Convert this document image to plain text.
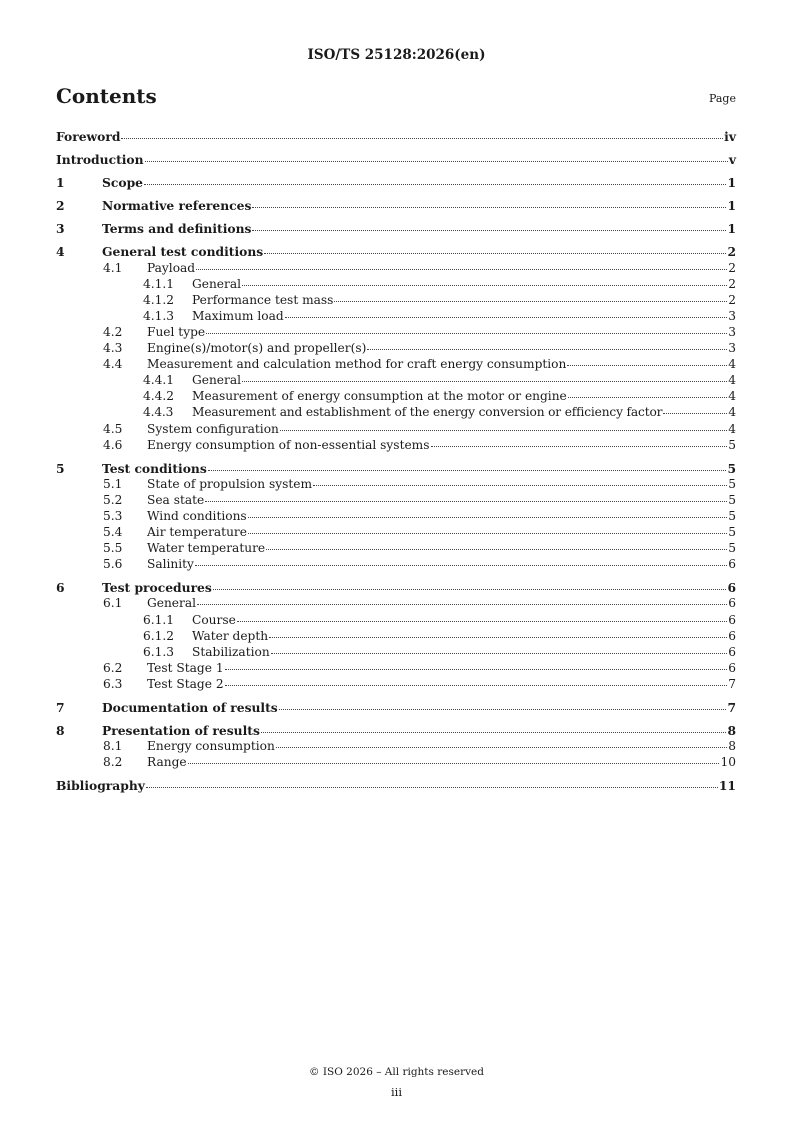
ISO/TS 25128:2026(en)
Contents	Page
Foreword	iv
Introduction	v
1	Scope	1
2	Normative references	1
3	Terms and definitions	1
4	General test conditions	2
4.1	Payload	2
4.1.1	General	2
4.1.2	Performance test mass	2
4.1.3	Maximum load	3
4.2	Fuel type	3
4.3	Engine(s)/motor(s) and propeller(s)	3
4.4	Measurement and calculation method for craft energy consumption	4
4.4.1	General	4
4.4.2	Measurement of energy consumption at the motor or engine	4
4.4.3	Measurement and establishment of the energy conversion or efficiency factor	4
4.5	System configuration	4
4.6	Energy consumption of non-essential systems	5
5	Test conditions	5
5.1	State of propulsion system	5
5.2	Sea state	5
5.3	Wind conditions	5
5.4	Air temperature	5
5.5	Water temperature	5
5.6	Salinity	6
6	Test procedures	6
6.1	General	6
6.1.1	Course	6
6.1.2	Water depth	6
6.1.3	Stabilization	6
6.2	Test Stage 1	6
6.3	Test Stage 2	7
7	Documentation of results	7
8	Presentation of results	8
8.1	Energy consumption	8
8.2	Range	10
Bibliography	11
© ISO 2026 – All rights reserved
iii
